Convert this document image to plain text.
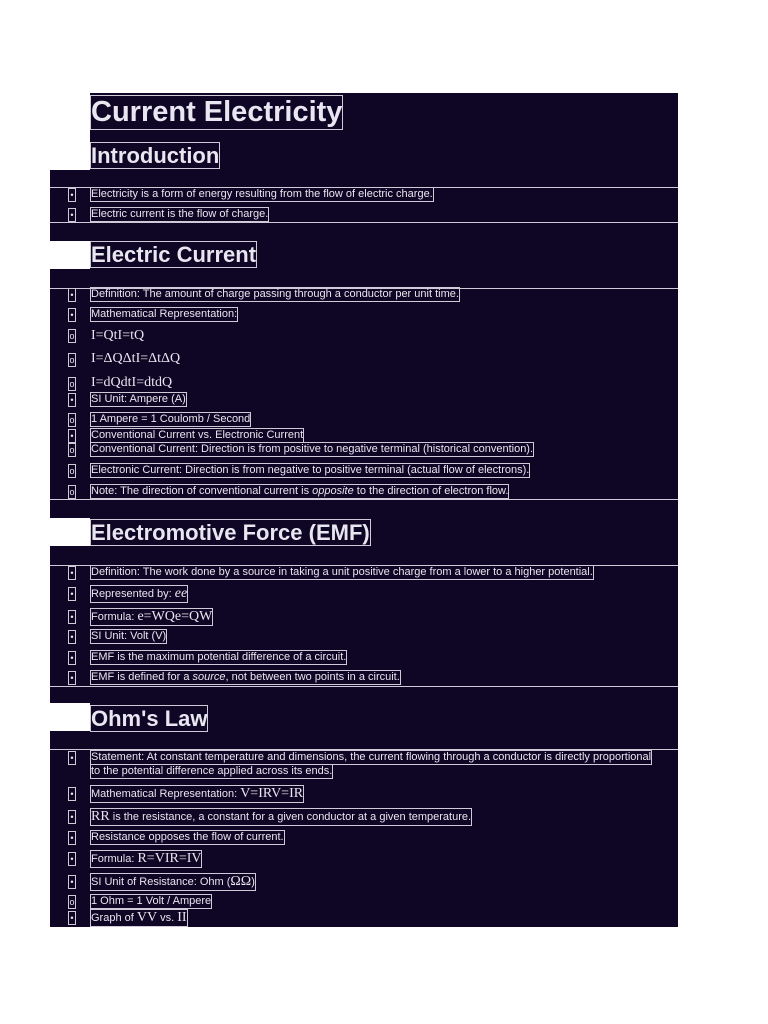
Current Electricity
Introduction
• Electricity is a form of energy resulting from the flow of electric charge.
• Electric current is the flow of charge.
Electric Current
• Definition: The amount of charge passing through a conductor per unit time.
• Mathematical Representation:
o I=QtI=tQ
o I=ΔQΔtI=ΔtΔQ
o I=dQdtI=dtdQ
• SI Unit: Ampere (A)
o 1 Ampere = 1 Coulomb / Second
• Conventional Current vs. Electronic Current
o Conventional Current: Direction is from positive to negative terminal (historical convention).
o Electronic Current: Direction is from negative to positive terminal (actual flow of electrons).
o Note: The direction of conventional current is opposite to the direction of electron flow.
Electromotive Force (EMF)
• Definition: The work done by a source in taking a unit positive charge from a lower to a higher potential.
• Represented by: ee
• Formula: e=WQe=QW
• SI Unit: Volt (V)
• EMF is the maximum potential difference of a circuit.
• EMF is defined for a source, not between two points in a circuit.
Ohm's Law
• Statement: At constant temperature and dimensions, the current flowing through a conductor is directly proportional
to the potential difference applied across its ends.
• Mathematical Representation: V=IRV=IR
• RR is the resistance, a constant for a given conductor at a given temperature.
• Resistance opposes the flow of current.
• Formula: R=VIR=IV
• SI Unit of Resistance: Ohm (ΩΩ)
o 1 Ohm = 1 Volt / Ampere
• Graph of VV vs. II
